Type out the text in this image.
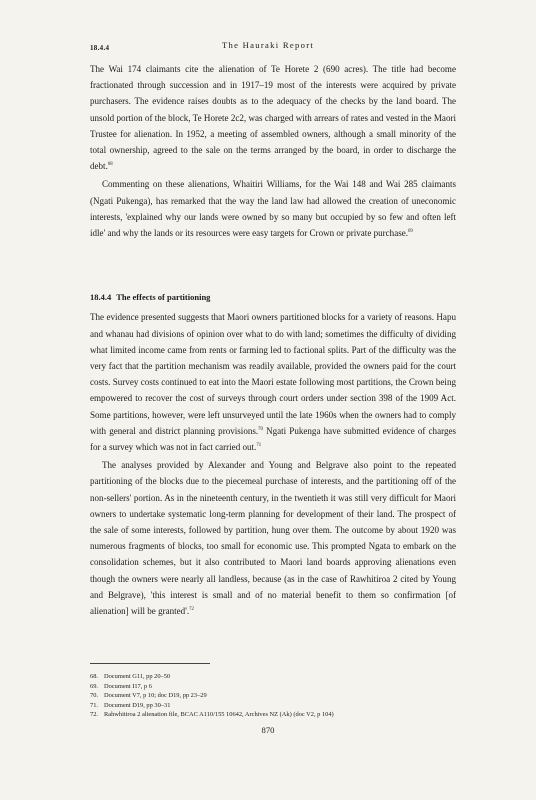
18.4.4	The Hauraki Report

The Wai 174 claimants cite the alienation of Te Horete 2 (690 acres). The title had become fractionated through succession and in 1917–19 most of the interests were acquired by private purchasers. The evidence raises doubts as to the adequacy of the checks by the land board. The unsold portion of the block, Te Horete 2c2, was charged with arrears of rates and vested in the Maori Trustee for alienation. In 1952, a meeting of assembled owners, although a small minority of the total ownership, agreed to the sale on the terms arranged by the board, in order to discharge the debt.$^{68}$

Commenting on these alienations, Whaitiri Williams, for the Wai 148 and Wai 285 claimants (Ngati Pukenga), has remarked that the way the land law had allowed the creation of uneconomic interests, 'explained why our lands were owned by so many but occupied by so few and often left idle' and why the lands or its resources were easy targets for Crown or private purchase.$^{69}$

18.4.4 The effects of partitioning

The evidence presented suggests that Maori owners partitioned blocks for a variety of reasons. Hapu and whanau had divisions of opinion over what to do with land; sometimes the difficulty of dividing what limited income came from rents or farming led to factional splits. Part of the difficulty was the very fact that the partition mechanism was readily available, provided the owners paid for the court costs. Survey costs continued to eat into the Maori estate following most partitions, the Crown being empowered to recover the cost of surveys through court orders under section 398 of the 1909 Act. Some partitions, however, were left unsurveyed until the late 1960s when the owners had to comply with general and district planning provisions.$^{70}$ Ngati Pukenga have submitted evidence of charges for a survey which was not in fact carried out.$^{71}$

The analyses provided by Alexander and Young and Belgrave also point to the repeated partitioning of the blocks due to the piecemeal purchase of interests, and the partitioning off of the non-sellers' portion. As in the nineteenth century, in the twentieth it was still very difficult for Maori owners to undertake systematic long-term planning for development of their land. The prospect of the sale of some interests, followed by partition, hung over them. The outcome by about 1920 was numerous fragments of blocks, too small for economic use. This prompted Ngata to embark on the consolidation schemes, but it also contributed to Maori land boards approving alienations even though the owners were nearly all landless, because (as in the case of Rawhitiroa 2 cited by Young and Belgrave), 'this interest is small and of no material benefit to them so confirmation [of alienation] will be granted'.$^{72}$

68. Document G11, pp 20–50
69. Document I17, p 6
70. Document V7, p 10; doc D19, pp 23–29
71. Document D19, pp 30–31
72. Rahwhitiroa 2 alienation file, BCAC A110/155 10642, Archives NZ (Ak) (doc V2, p 104)
870
